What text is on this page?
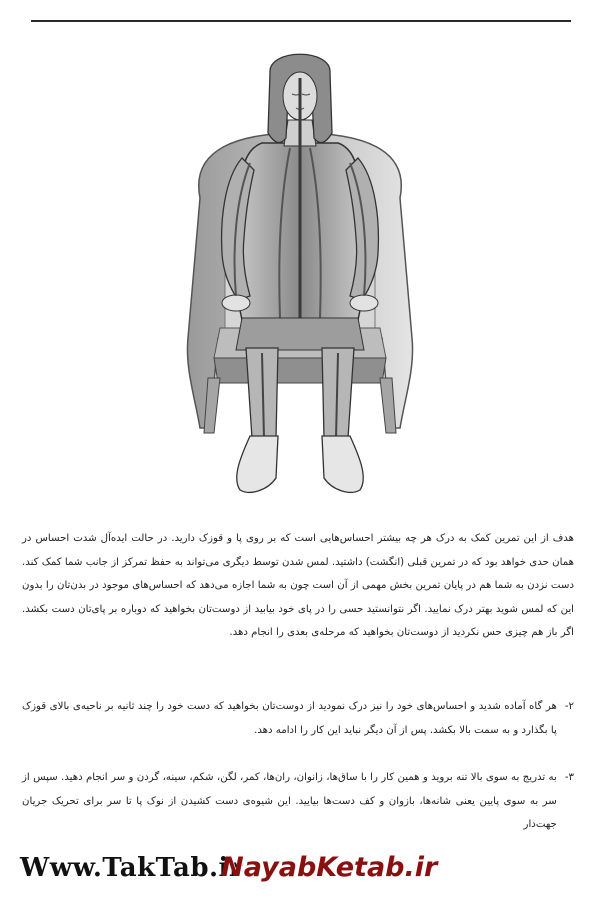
هدف از این تمرین کمک به درک هر چه بیشتر احساس‌هایی است که بر روی پا و قوزک دارید. در حالت ایده‌آل شدت احساس در همان حدی خواهد بود که در تمرین قبلی (انگشت) داشتید. لمس شدن توسط دیگری می‌تواند به حفظ تمرکز از جانب شما کمک کند. دست نزدن به شما هم در پایان تمرین بخش مهمی از آن است چون به شما اجازه می‌دهد که احساس‌های موجود در بدن‌تان را بدون این که لمس شوید بهتر درک نمایید. اگر نتوانستید حسی را در پای خود بیابید از دوست‌تان بخواهید که دوباره بر پای‌تان دست بکشد. اگر باز هم چیزی حس نکردید از دوست‌تان بخواهید که مرحله‌ی بعدی را انجام دهد.
۲-
هر گاه آماده شدید و احساس‌های خود را نیز درک نمودید از دوست‌تان بخواهید که دست خود را چند ثانیه بر ناحیه‌ی بالای قوزک پا بگذارد و به سمت بالا بکشد. پس از آن دیگر نباید این کار را ادامه دهد.
۳-
به تدریج به سوی بالا تنه بروید و همین کار را با ساق‌ها، زانوان، ران‌ها، کمر، لگن، شکم، سینه، گردن و سر انجام دهید. سپس از سر به سوی پایین یعنی شانه‌ها، بازوان و کف دست‌ها بیایید. این شیوه‌ی دست کشیدن از نوک پا تا سر برای تحریک جریان جهت‌دار
Www.TakTab.ir
NayabKetab.ir
